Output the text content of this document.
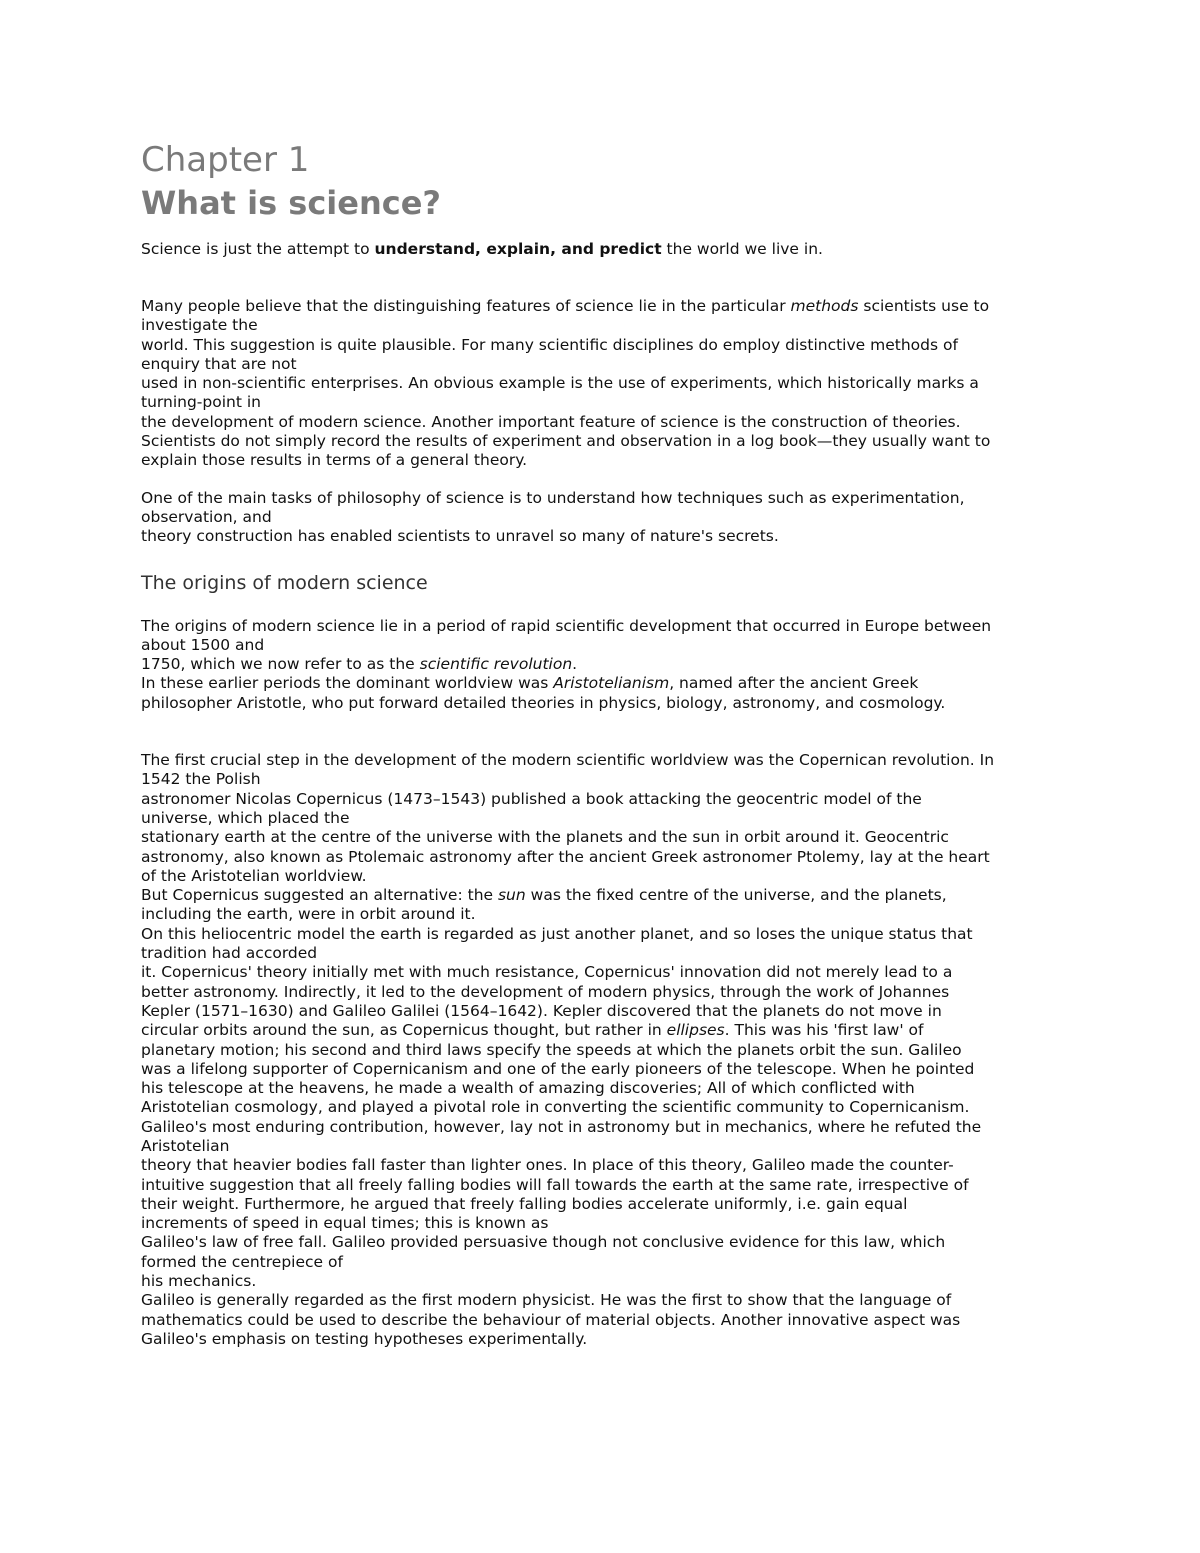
Chapter 1
What is science?

Science is just the attempt to understand, explain, and predict the world we live in.

Many people believe that the distinguishing features of science lie in the particular methods scientists use to
investigate the
world. This suggestion is quite plausible. For many scientific disciplines do employ distinctive methods of
enquiry that are not
used in non-scientific enterprises. An obvious example is the use of experiments, which historically marks a
turning-point in
the development of modern science. Another important feature of science is the construction of theories.
Scientists do not simply record the results of experiment and observation in a log book—they usually want to
explain those results in terms of a general theory.

One of the main tasks of philosophy of science is to understand how techniques such as experimentation,
observation, and
theory construction has enabled scientists to unravel so many of nature's secrets.

The origins of modern science

The origins of modern science lie in a period of rapid scientific development that occurred in Europe between
about 1500 and
1750, which we now refer to as the scientific revolution.
In these earlier periods the dominant worldview was Aristotelianism, named after the ancient Greek
philosopher Aristotle, who put forward detailed theories in physics, biology, astronomy, and cosmology.

The first crucial step in the development of the modern scientific worldview was the Copernican revolution. In
1542 the Polish
astronomer Nicolas Copernicus (1473–1543) published a book attacking the geocentric model of the
universe, which placed the
stationary earth at the centre of the universe with the planets and the sun in orbit around it. Geocentric
astronomy, also known as Ptolemaic astronomy after the ancient Greek astronomer Ptolemy, lay at the heart
of the Aristotelian worldview.
But Copernicus suggested an alternative: the sun was the fixed centre of the universe, and the planets,
including the earth, were in orbit around it.
On this heliocentric model the earth is regarded as just another planet, and so loses the unique status that
tradition had accorded
it. Copernicus' theory initially met with much resistance, Copernicus' innovation did not merely lead to a
better astronomy. Indirectly, it led to the development of modern physics, through the work of Johannes
Kepler (1571–1630) and Galileo Galilei (1564–1642). Kepler discovered that the planets do not move in
circular orbits around the sun, as Copernicus thought, but rather in ellipses. This was his 'first law' of
planetary motion; his second and third laws specify the speeds at which the planets orbit the sun. Galileo
was a lifelong supporter of Copernicanism and one of the early pioneers of the telescope. When he pointed
his telescope at the heavens, he made a wealth of amazing discoveries; All of which conflicted with
Aristotelian cosmology, and played a pivotal role in converting the scientific community to Copernicanism.
Galileo's most enduring contribution, however, lay not in astronomy but in mechanics, where he refuted the
Aristotelian
theory that heavier bodies fall faster than lighter ones. In place of this theory, Galileo made the counter-
intuitive suggestion that all freely falling bodies will fall towards the earth at the same rate, irrespective of
their weight. Furthermore, he argued that freely falling bodies accelerate uniformly, i.e. gain equal
increments of speed in equal times; this is known as
Galileo's law of free fall. Galileo provided persuasive though not conclusive evidence for this law, which
formed the centrepiece of
his mechanics.
Galileo is generally regarded as the first modern physicist. He was the first to show that the language of
mathematics could be used to describe the behaviour of material objects. Another innovative aspect was
Galileo's emphasis on testing hypotheses experimentally.
